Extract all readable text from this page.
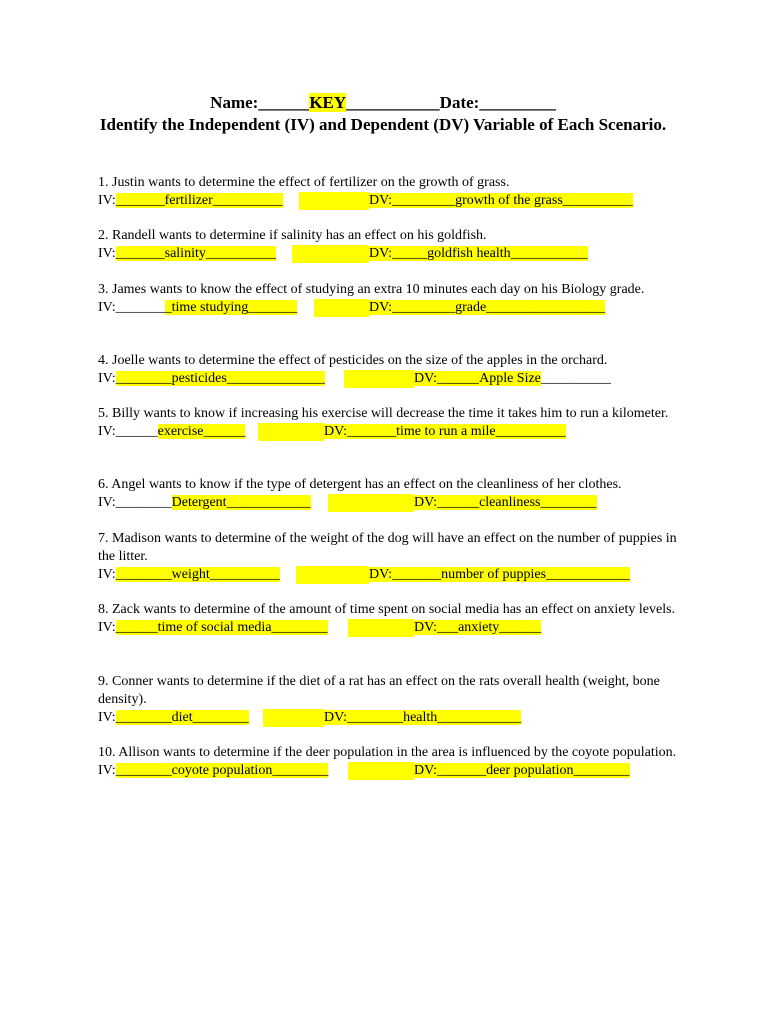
Name:______KEY___________Date:_________
Identify the Independent (IV) and Dependent (DV) Variable of Each Scenario.
1. Justin wants to determine the effect of fertilizer on the growth of grass.
IV:_______fertilizer__________	DV:_________growth of the grass__________
2. Randell wants to determine if salinity has an effect on his goldfish.
IV:_______salinity__________	DV:_____goldfish health___________
3. James wants to know the effect of studying an extra 10 minutes each day on his Biology grade.
IV:________time studying_______	DV:_________grade_________________
4. Joelle wants to determine the effect of pesticides on the size of the apples in the orchard.
IV:________pesticides______________	DV:______Apple Size__________
5. Billy wants to know if increasing his exercise will decrease the time it takes him to run a kilometer.
IV:______exercise______	DV:_______time to run a mile__________
6. Angel wants to know if the type of detergent has an effect on the cleanliness of her clothes.
IV:________Detergent____________	DV:______cleanliness________
7. Madison wants to determine of the weight of the dog will have an effect on the number of puppies in the litter.
IV:________weight__________	DV:_______number of puppies____________
8. Zack wants to determine of the amount of time spent on social media has an effect on anxiety levels.
IV:______time of social media________	DV:___anxiety______
9. Conner wants to determine if the diet of a rat has an effect on the rats overall health (weight, bone density).
IV:________diet________	DV:________health____________
10. Allison wants to determine if the deer population in the area is influenced by the coyote population.
IV:________coyote population________	DV:_______deer population________
